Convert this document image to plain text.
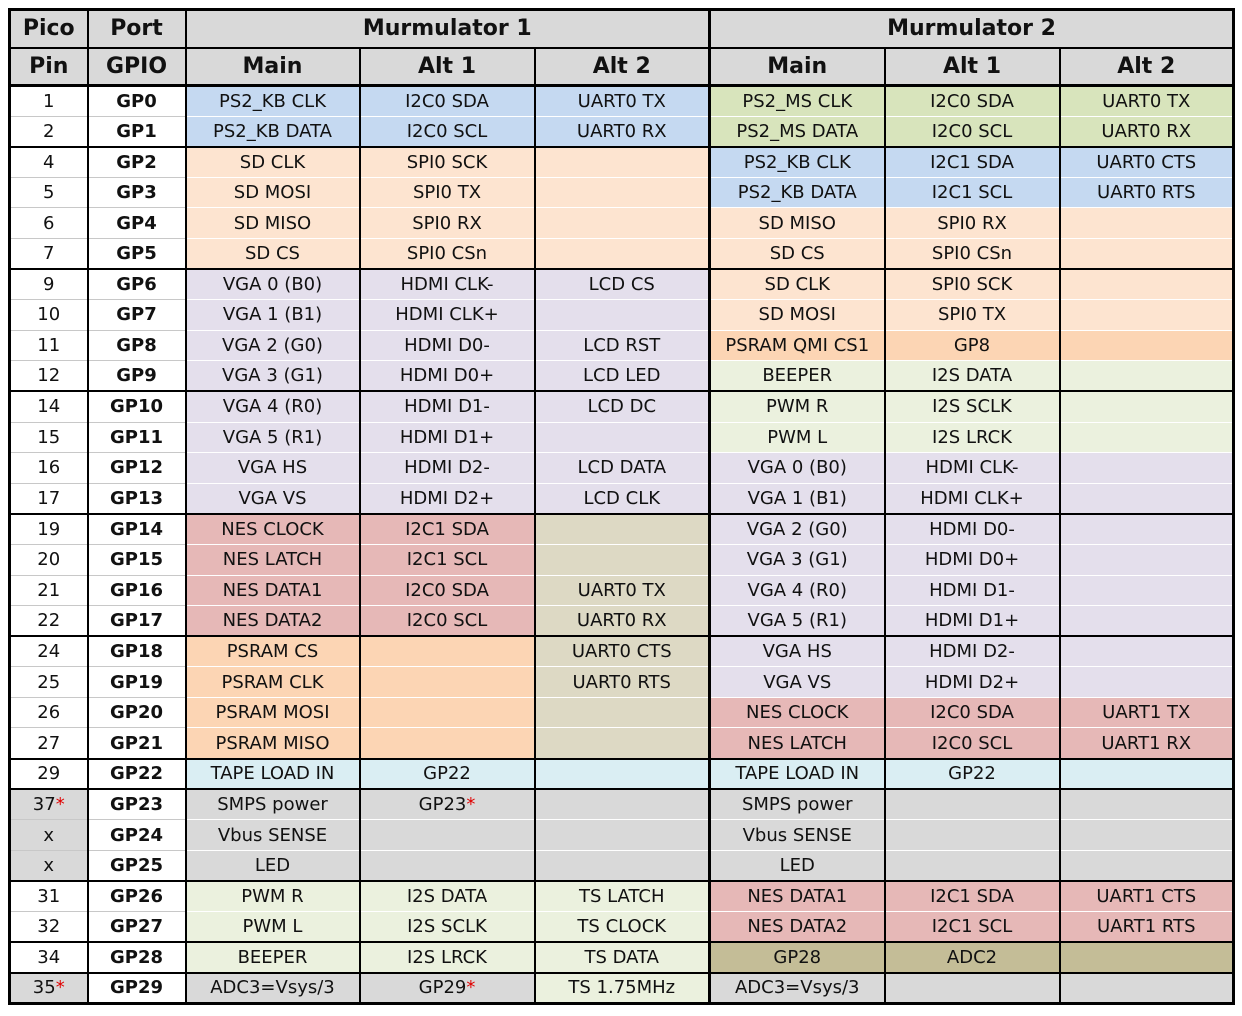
Pico	Port	Murmulator 1			Murmulator 2		
Pin	GPIO	Main	Alt 1	Alt 2	Main	Alt 1	Alt 2
1	GP0	PS2_KB CLK	I2C0 SDA	UART0 TX	PS2_MS CLK	I2C0 SDA	UART0 TX
2	GP1	PS2_KB DATA	I2C0 SCL	UART0 RX	PS2_MS DATA	I2C0 SCL	UART0 RX
4	GP2	SD CLK	SPI0 SCK		PS2_KB CLK	I2C1 SDA	UART0 CTS
5	GP3	SD MOSI	SPI0 TX		PS2_KB DATA	I2C1 SCL	UART0 RTS
6	GP4	SD MISO	SPI0 RX		SD MISO	SPI0 RX	
7	GP5	SD CS	SPI0 CSn		SD CS	SPI0 CSn	
9	GP6	VGA 0 (B0)	HDMI CLK-	LCD CS	SD CLK	SPI0 SCK	
10	GP7	VGA 1 (B1)	HDMI CLK+		SD MOSI	SPI0 TX	
11	GP8	VGA 2 (G0)	HDMI D0-	LCD RST	PSRAM QMI CS1	GP8	
12	GP9	VGA 3 (G1)	HDMI D0+	LCD LED	BEEPER	I2S DATA	
14	GP10	VGA 4 (R0)	HDMI D1-	LCD DC	PWM R	I2S SCLK	
15	GP11	VGA 5 (R1)	HDMI D1+		PWM L	I2S LRCK	
16	GP12	VGA HS	HDMI D2-	LCD DATA	VGA 0 (B0)	HDMI CLK-	
17	GP13	VGA VS	HDMI D2+	LCD CLK	VGA 1 (B1)	HDMI CLK+	
19	GP14	NES CLOCK	I2C1 SDA		VGA 2 (G0)	HDMI D0-	
20	GP15	NES LATCH	I2C1 SCL		VGA 3 (G1)	HDMI D0+	
21	GP16	NES DATA1	I2C0 SDA	UART0 TX	VGA 4 (R0)	HDMI D1-	
22	GP17	NES DATA2	I2C0 SCL	UART0 RX	VGA 5 (R1)	HDMI D1+	
24	GP18	PSRAM CS		UART0 CTS	VGA HS	HDMI D2-	
25	GP19	PSRAM CLK		UART0 RTS	VGA VS	HDMI D2+	
26	GP20	PSRAM MOSI			NES CLOCK	I2C0 SDA	UART1 TX
27	GP21	PSRAM MISO			NES LATCH	I2C0 SCL	UART1 RX
29	GP22	TAPE LOAD IN	GP22		TAPE LOAD IN	GP22	
37*	GP23	SMPS power	GP23*		SMPS power		
x	GP24	Vbus SENSE			Vbus SENSE		
x	GP25	LED			LED		
31	GP26	PWM R	I2S DATA	TS LATCH	NES DATA1	I2C1 SDA	UART1 CTS
32	GP27	PWM L	I2S SCLK	TS CLOCK	NES DATA2	I2C1 SCL	UART1 RTS
34	GP28	BEEPER	I2S LRCK	TS DATA	GP28	ADC2	
35*	GP29	ADC3=Vsys/3	GP29*	TS 1.75MHz	ADC3=Vsys/3		
